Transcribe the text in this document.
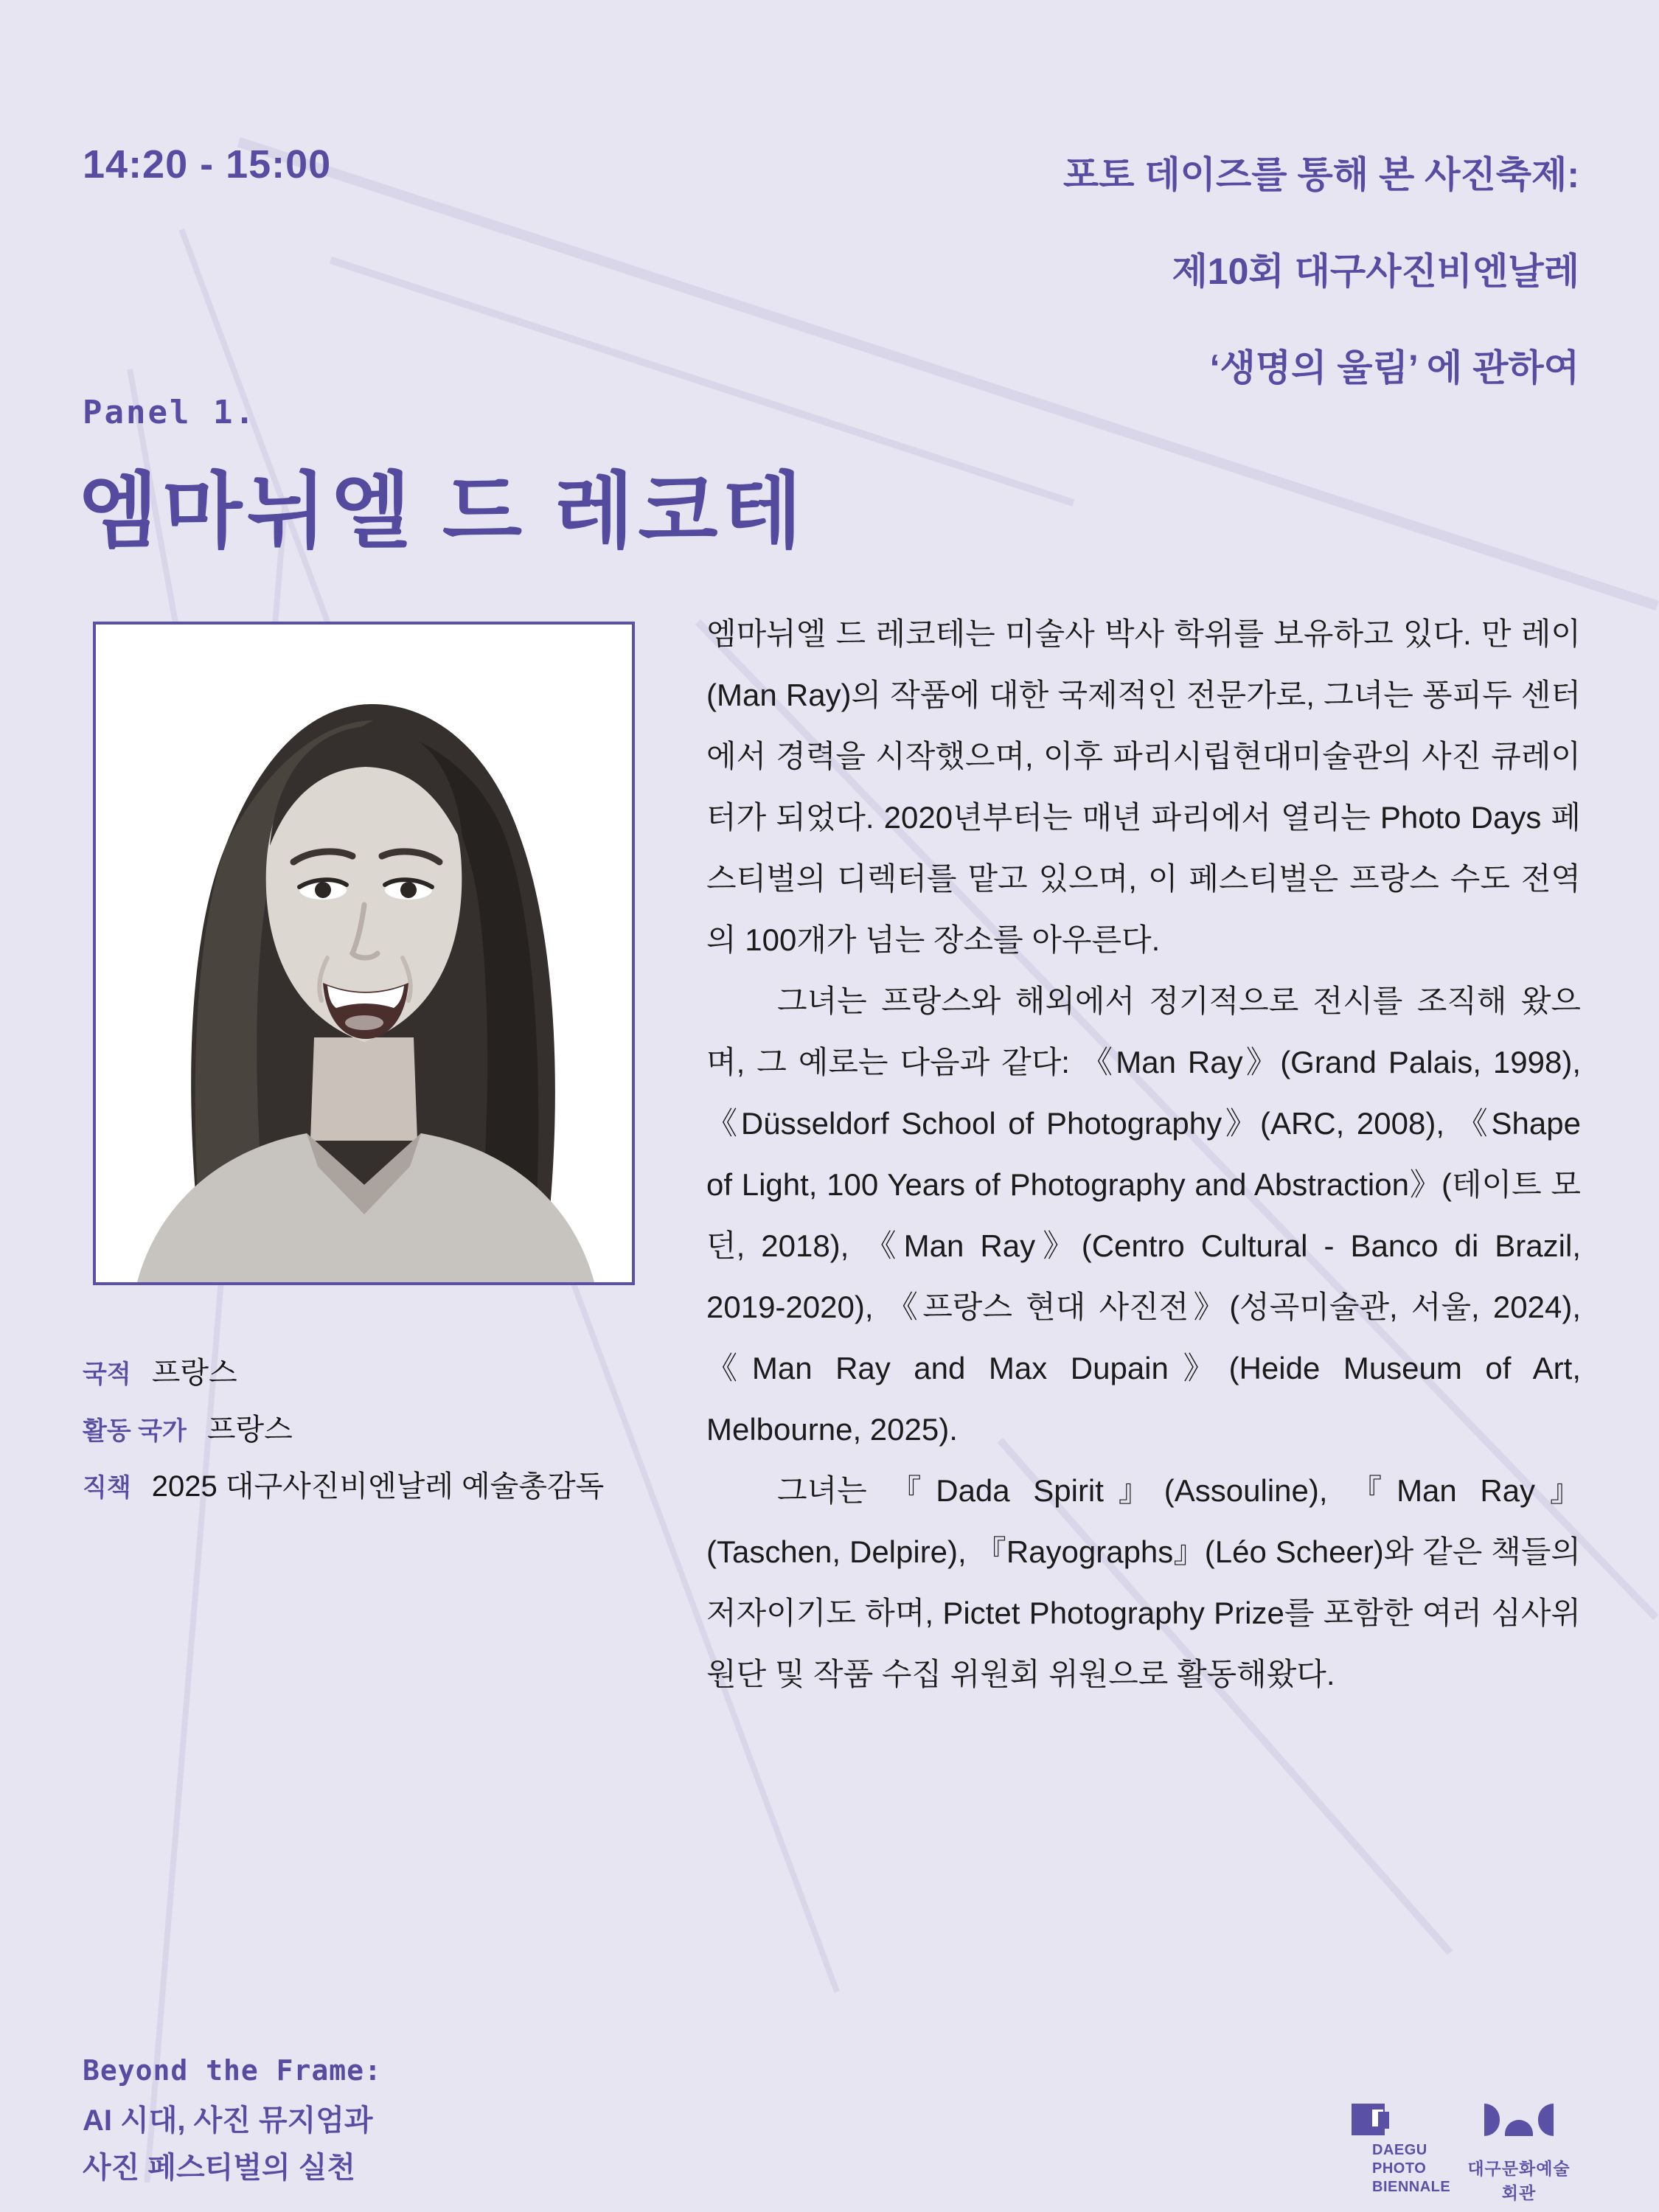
14:20 - 15:00	포토 데이즈를 통해 본 사진축제:
제10회 대구사진비엔날레
‘생명의 울림’ 에 관하여
Panel 1.
엠마뉘엘 드 레코테
국적 프랑스
활동 국가 프랑스
직책 2025 대구사진비엔날레 예술총감독

엠마뉘엘 드 레코테는 미술사 박사 학위를 보유하고 있다. 만 레이(Man Ray)의 작품에 대한 국제적인 전문가로, 그녀는 퐁피두 센터에서 경력을 시작했으며, 이후 파리시립현대미술관의 사진 큐레이터가 되었다. 2020년부터는 매년 파리에서 열리는 Photo Days 페스티벌의 디렉터를 맡고 있으며, 이 페스티벌은 프랑스 수도 전역의 100개가 넘는 장소를 아우른다.

그녀는 프랑스와 해외에서 정기적으로 전시를 조직해 왔으며, 그 예로는 다음과 같다: 《Man Ray》(Grand Palais, 1998), 《Düsseldorf School of Photography》(ARC, 2008), 《Shape of Light, 100 Years of Photography and Abstraction》(테이트 모던, 2018), 《Man Ray》(Centro Cultural - Banco di Brazil, 2019-2020), 《프랑스 현대 사진전》(성곡미술관, 서울, 2024), 《Man Ray and Max Dupain》(Heide Museum of Art, Melbourne, 2025).

그녀는 『Dada Spirit』(Assouline), 『Man Ray』(Taschen, Delpire), 『Rayographs』(Léo Scheer)와 같은 책들의 저자이기도 하며, Pictet Photography Prize를 포함한 여러 심사위원단 및 작품 수집 위원회 위원으로 활동해왔다.

Beyond the Frame:
AI 시대, 사진 뮤지엄과
사진 페스티벌의 실천
DAEGU
PHOTO
BIENNALE
대구문화예술회관
